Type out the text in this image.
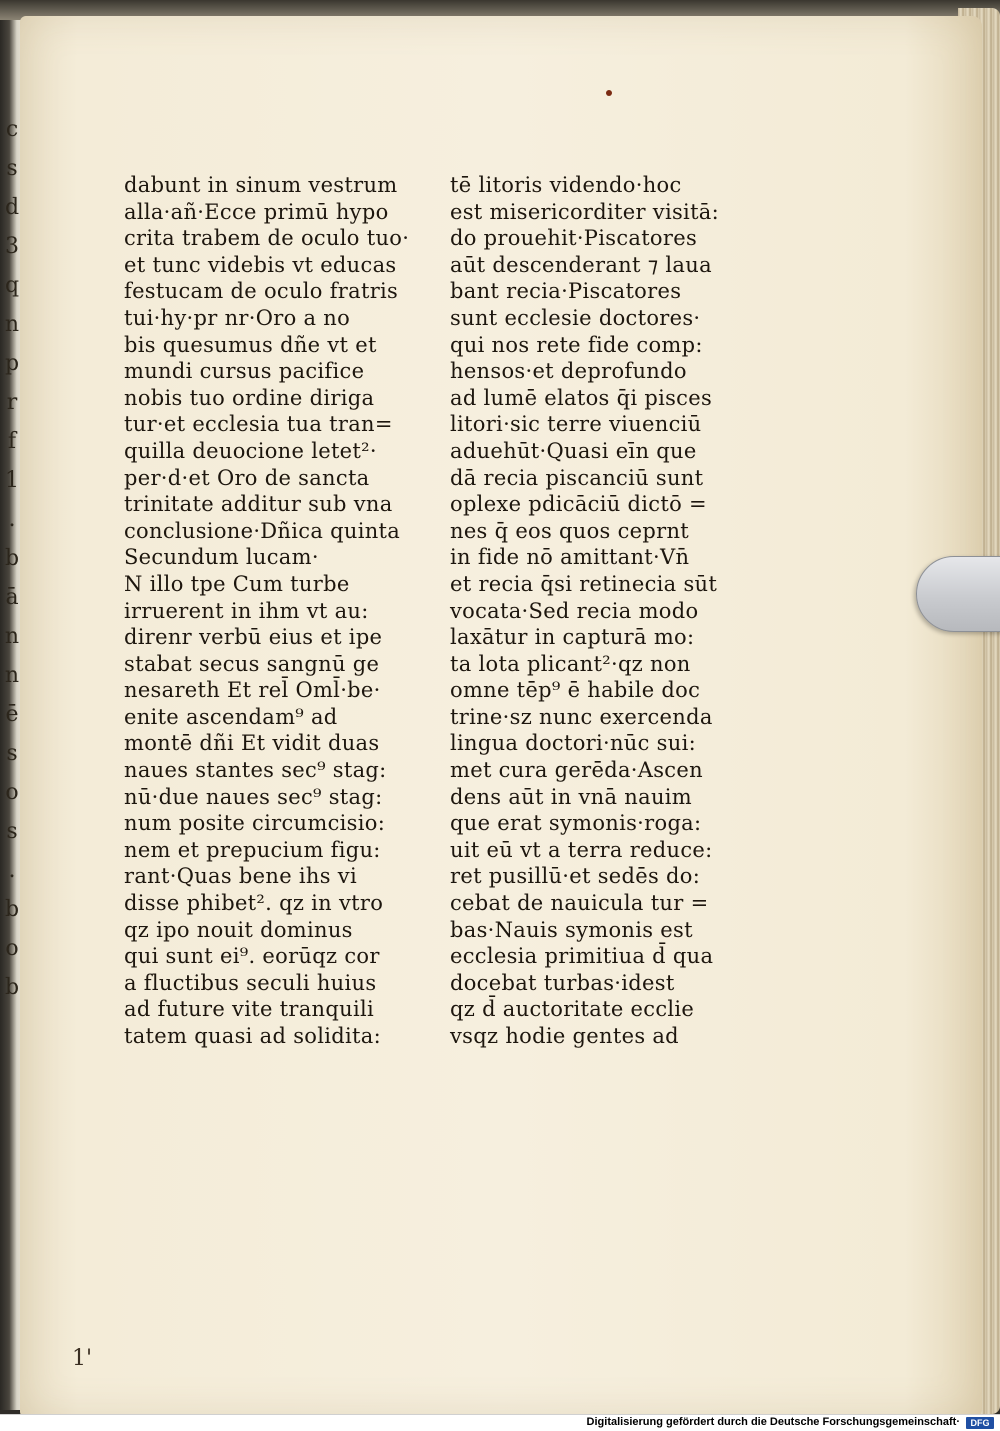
c
s
d
3
q
n
p
r
f
1
.
b
ā
n
n
ē
s
o
s
.
b
o
b
dabunt in sinum vestrum
alla·añ·Ecce primū hypo
crita trabem de oculo tuo·
et tunc videbis vt educas
festucam de oculo fratris
tui·hy·pr nr·Oro a no
bis quesumus dñe vt et
mundi cursus pacifice
nobis tuo ordine diriga
tur·et ecclesia tua tran=
quilla deuocione letet²·
per·d·et Oro de sancta
trinitate additur sub vna
conclusione·Dñica quinta
Secundum lucam·
N illo tpe Cum turbe
irruerent in ihm vt au:
direnr verbū eius et ipe
stabat secus sangnū ge
nesareth Et rel̄ Oml̄·be·
enite ascendam⁹ ad
montē dñi Et vidit duas
naues stantes sec⁹ stag:
nū·due naues sec⁹ stag:
num posite circumcisio:
nem et prepucium figu:
rant·Quas bene ihs vi
disse phibet². qz in vtro
qz ipo nouit dominus
qui sunt ei⁹. eorūqz cor
a fluctibus seculi huius
ad future vite tranquili
tatem quasi ad solidita:
tē litoris videndo·hoc
est misericorditer visitā:
do prouehit·Piscatores
aūt descenderant ⁊ laua
bant recia·Piscatores
sunt ecclesie doctores·
qui nos rete fide comp:
hensos·et deprofundo
ad lumē elatos q̄i pisces
litori·sic terre viuenciū
aduehūt·Quasi eīn que
dā recia piscanciū sunt
oplexe pdicāciū dictō =
nes q̄ eos quos ceprnt
in fide nō amittant·Vn̄
et recia q̄si retinecia sūt
vocata·Sed recia modo
laxātur in capturā mo:
ta lota plicant²·qz non
omne tēp⁹ ē habile doc
trine·sz nunc exercenda
lingua doctori·nūc sui:
met cura gerēda·Ascen
dens aūt in vnā nauim
que erat symonis·roga:
uit eū vt a terra reduce:
ret pusillū·et sedēs do:
cebat de nauicula tur =
bas·Nauis symonis est
ecclesia primitiua d̄ qua
docebat turbas·idest
qz d̄ auctoritate ecclie
vsqz hodie gentes ad
1'
Digitalisierung gefördert durch die Deutsche Forschungsgemeinschaft·	DFG
